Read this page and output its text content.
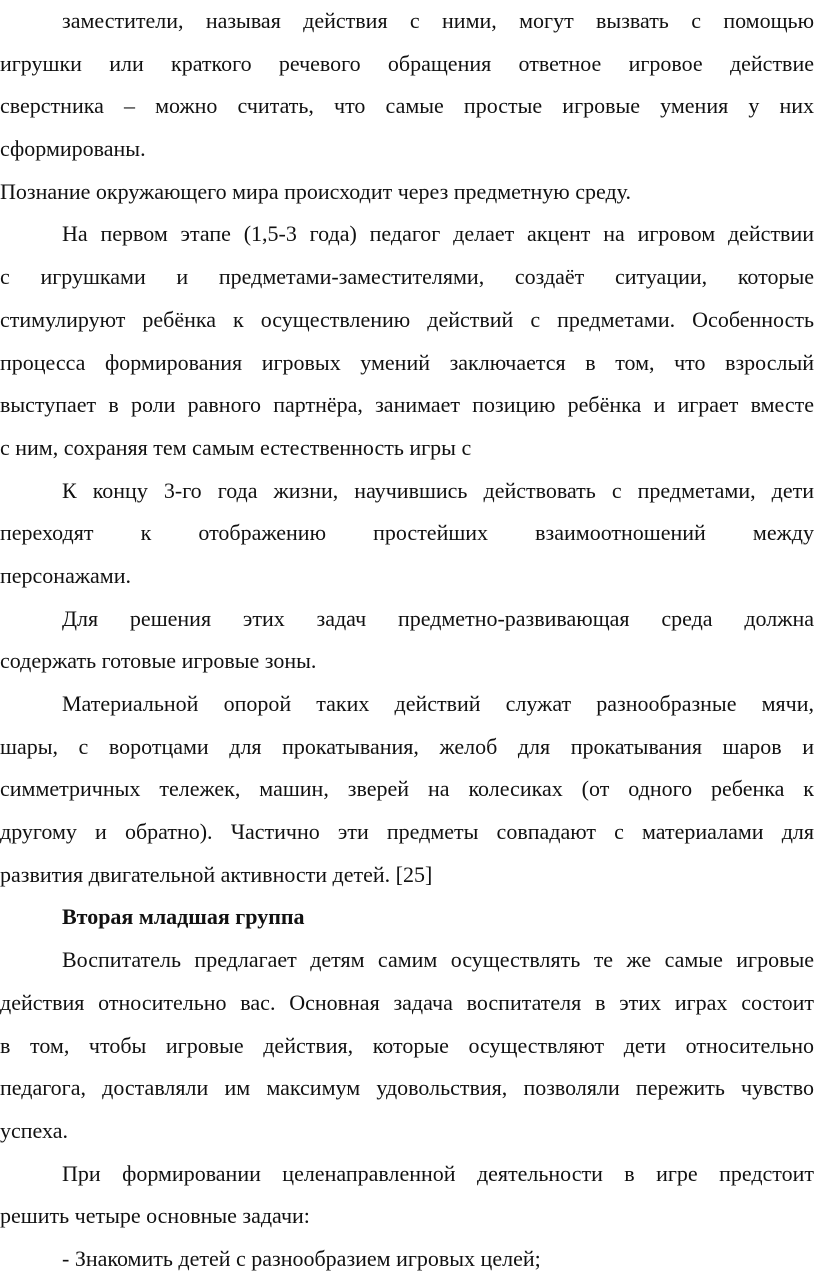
заместители, называя действия с ними, могут вызвать с помощью
игрушки или краткого речевого обращения ответное игровое действие
сверстника – можно считать, что самые простые игровые умения у них
сформированы.
Познание окружающего мира происходит через предметную среду.
На первом этапе (1,5-3 года) педагог делает акцент на игровом действии
с игрушками и предметами-заместителями, создаёт ситуации, которые
стимулируют ребёнка к осуществлению действий с предметами. Особенность
процесса формирования игровых умений заключается в том, что взрослый
выступает в роли равного партнёра, занимает позицию ребёнка и играет вместе
с ним, сохраняя тем самым естественность игры с
К концу 3-го года жизни, научившись действовать с предметами, дети
переходят к отображению простейших взаимоотношений между
персонажами.
Для решения этих задач предметно-развивающая среда должна
содержать готовые игровые зоны.
Материальной опорой таких действий служат разнообразные мячи,
шары, с воротцами для прокатывания, желоб для прокатывания шаров и
симметричных тележек, машин, зверей на колесиках (от одного ребенка к
другому и обратно). Частично эти предметы совпадают с материалами для
развития двигательной активности детей. [25]
Вторая младшая группа
Воспитатель предлагает детям самим осуществлять те же самые игровые
действия относительно вас. Основная задача воспитателя в этих играх состоит
в том, чтобы игровые действия, которые осуществляют дети относительно
педагога, доставляли им максимум удовольствия, позволяли пережить чувство
успеха.
При формировании целенаправленной деятельности в игре предстоит
решить четыре основные задачи:
- Знакомить детей с разнообразием игровых целей;
